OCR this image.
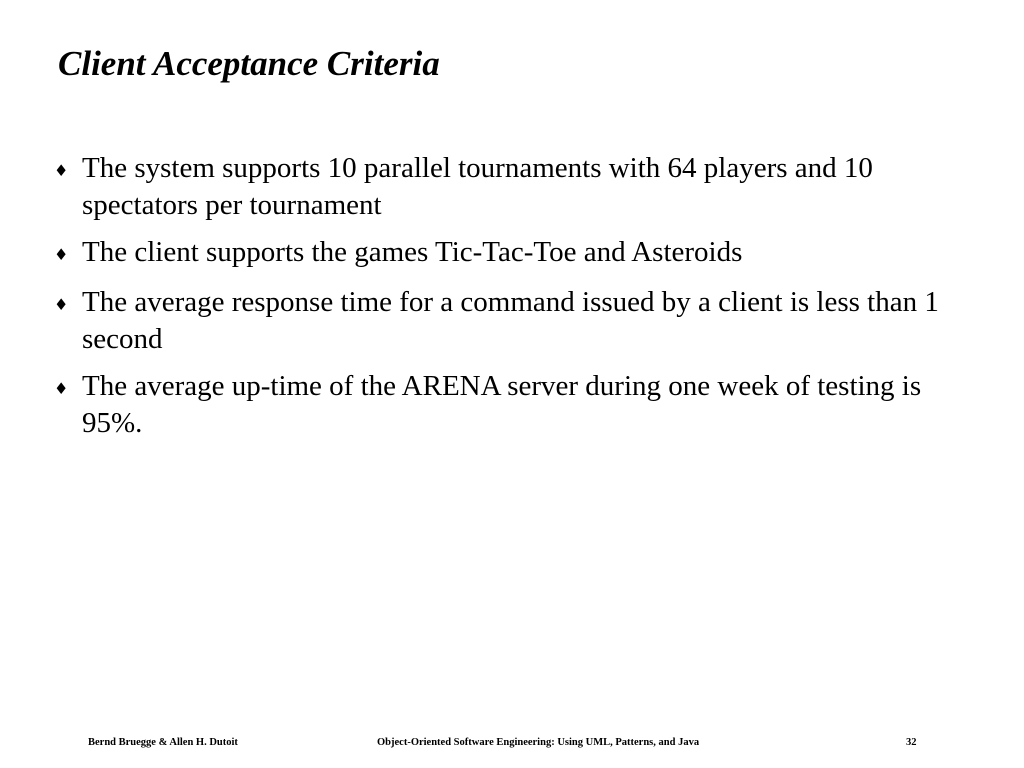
Client Acceptance Criteria
♦ The system supports 10 parallel tournaments with 64 players and 10 spectators per tournament
♦ The client supports the games Tic-Tac-Toe and Asteroids
♦ The average response time for a command issued by a client is less than 1 second
♦ The average up-time of the ARENA server during one week of testing is 95%.
Bernd Bruegge & Allen H. Dutoit	Object-Oriented Software Engineering: Using UML, Patterns, and Java	32
